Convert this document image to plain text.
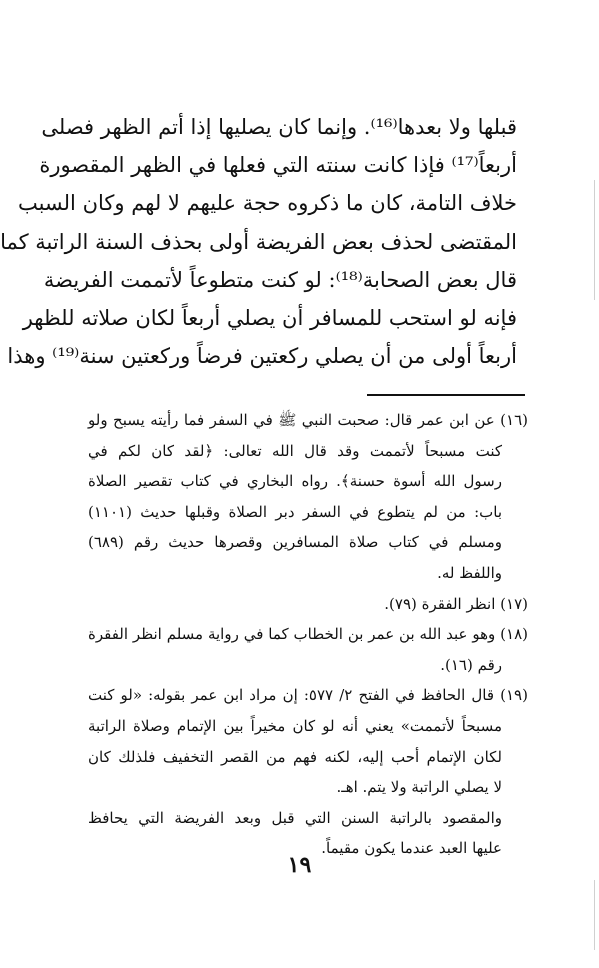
قبلها ولا بعدها⁽¹⁶⁾. وإنما كان يصليها إذا أتم الظهر فصلى
أربعاً⁽¹⁷⁾ فإذا كانت سنته التي فعلها في الظهر المقصورة
خلاف التامة، كان ما ذكروه حجة عليهم لا لهم وكان السبب
المقتضى لحذف بعض الفريضة أولى بحذف السنة الراتبة كما
قال بعض الصحابة⁽¹⁸⁾: لو كنت متطوعاً لأتممت الفريضة
فإنه لو استحب للمسافر أن يصلي أربعاً لكان صلاته للظهر
أربعاً أولى من أن يصلي ركعتين فرضاً وركعتين سنة⁽¹⁹⁾ وهذا
(١٦) عن ابن عمر قال: صحبت النبي ﷺ في السفر فما رأيته يسبح ولو
كنت مسبحاً لأتممت وقد قال الله تعالى: ﴿لقد كان لكم في
رسول الله أسوة حسنة﴾. رواه البخاري في كتاب تقصير الصلاة
باب: من لم يتطوع في السفر دبر الصلاة وقبلها حديث (١١٠١)
ومسلم في كتاب صلاة المسافرين وقصرها حديث رقم (٦٨٩)
واللفظ له.
(١٧) انظر الفقرة (٧٩).
(١٨) وهو عبد الله بن عمر بن الخطاب كما في رواية مسلم انظر الفقرة
رقم (١٦).
(١٩) قال الحافظ في الفتح ٢/ ٥٧٧: إن مراد ابن عمر بقوله: «لو كنت
مسبحاً لأتممت» يعني أنه لو كان مخيراً بين الإتمام وصلاة الراتبة
لكان الإتمام أحب إليه، لكنه فهم من القصر التخفيف فلذلك كان
لا يصلي الراتبة ولا يتم. اهـ.
والمقصود بالراتبة السنن التي قبل وبعد الفريضة التي يحافظ
عليها العبد عندما يكون مقيماً.
١٩
